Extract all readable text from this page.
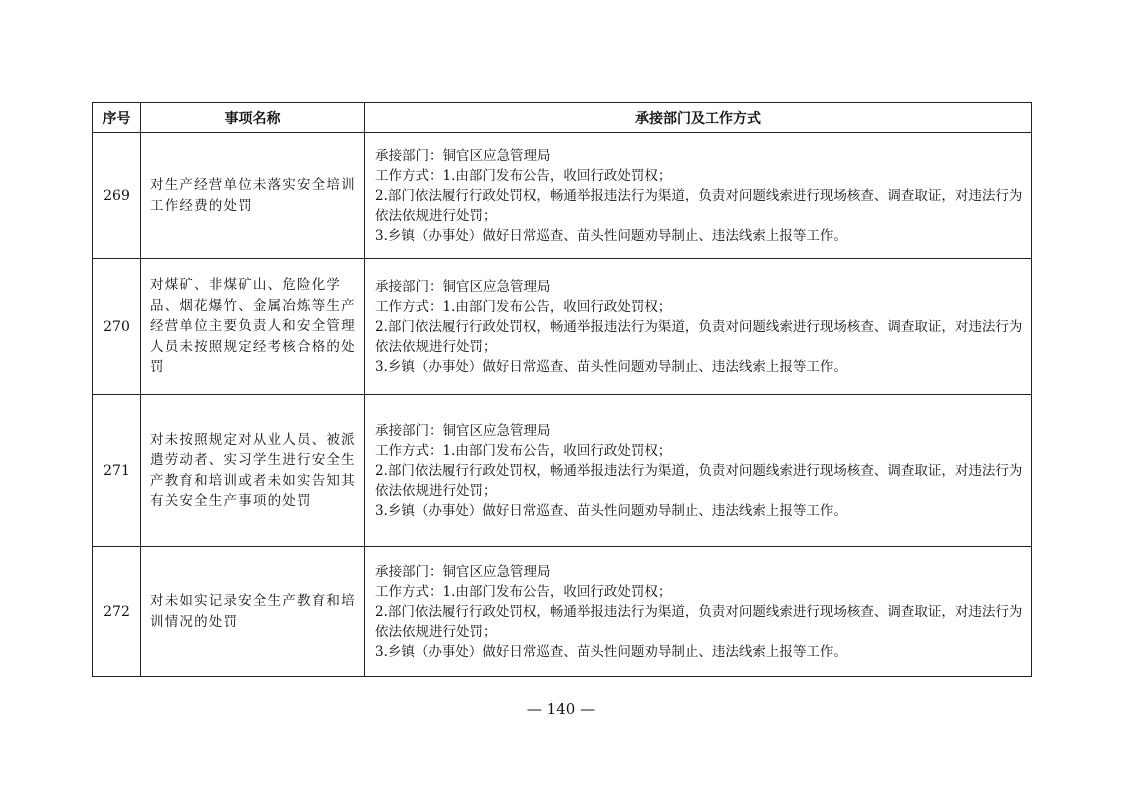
序号	事项名称	承接部门及工作方式
269	对生产经营单位未落实安全培训工作经费的处罚	承接部门：铜官区应急管理局
工作方式：1.由部门发布公告，收回行政处罚权；
2.部门依法履行行政处罚权，畅通举报违法行为渠道，负责对问题线索进行现场核查、调查取证，对违法行为依法依规进行处罚；
3.乡镇（办事处）做好日常巡查、苗头性问题劝导制止、违法线索上报等工作。

270	对煤矿、非煤矿山、危险化学品、烟花爆竹、金属冶炼等生产经营单位主要负责人和安全管理人员未按照规定经考核合格的处罚	承接部门：铜官区应急管理局
工作方式：1.由部门发布公告，收回行政处罚权；
2.部门依法履行行政处罚权，畅通举报违法行为渠道，负责对问题线索进行现场核查、调查取证，对违法行为依法依规进行处罚；
3.乡镇（办事处）做好日常巡查、苗头性问题劝导制止、违法线索上报等工作。

271	对未按照规定对从业人员、被派遣劳动者、实习学生进行安全生产教育和培训或者未如实告知其有关安全生产事项的处罚	承接部门：铜官区应急管理局
工作方式：1.由部门发布公告，收回行政处罚权；
2.部门依法履行行政处罚权，畅通举报违法行为渠道，负责对问题线索进行现场核查、调查取证，对违法行为依法依规进行处罚；
3.乡镇（办事处）做好日常巡查、苗头性问题劝导制止、违法线索上报等工作。

272	对未如实记录安全生产教育和培训情况的处罚	承接部门：铜官区应急管理局
工作方式：1.由部门发布公告，收回行政处罚权；
2.部门依法履行行政处罚权，畅通举报违法行为渠道，负责对问题线索进行现场核查、调查取证，对违法行为依法依规进行处罚；
3.乡镇（办事处）做好日常巡查、苗头性问题劝导制止、违法线索上报等工作。
— 140 —
